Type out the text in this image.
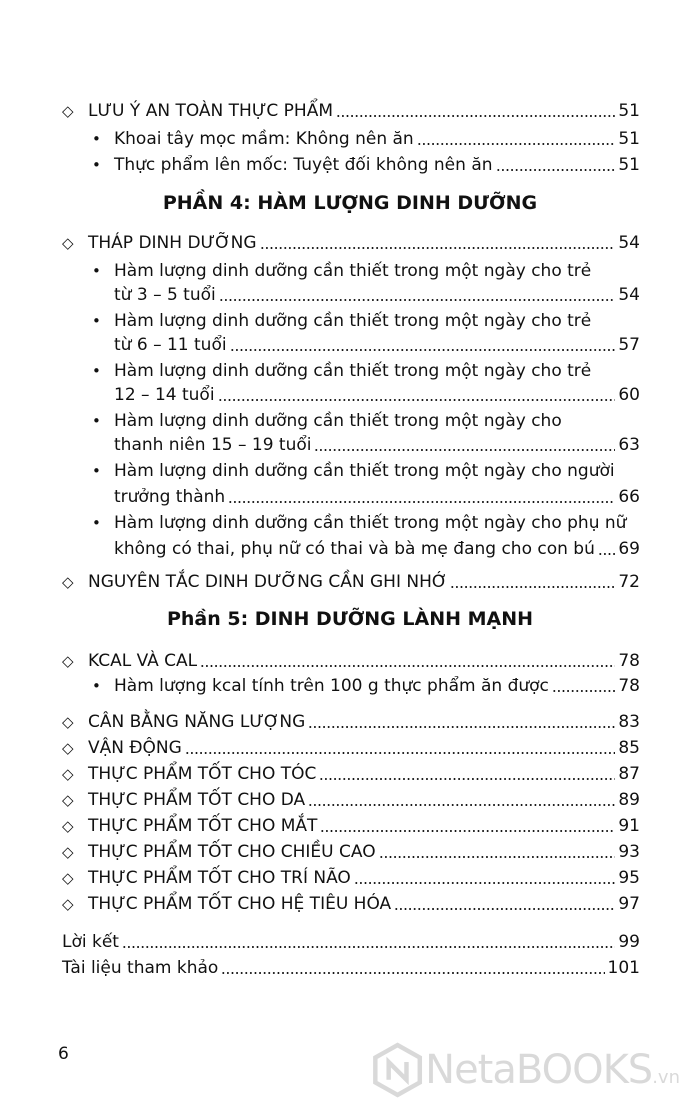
◇ LƯU Ý AN TOÀN THỰC PHẨM	51
• Khoai tây mọc mầm: Không nên ăn	51
• Thực phẩm lên mốc: Tuyệt đối không nên ăn	51
PHẦN 4: HÀM LƯỢNG DINH DƯỠNG
◇ THÁP DINH DƯỠNG	54
• Hàm lượng dinh dưỡng cần thiết trong một ngày cho trẻ
từ 3 – 5 tuổi	54
• Hàm lượng dinh dưỡng cần thiết trong một ngày cho trẻ
từ 6 – 11 tuổi	57
• Hàm lượng dinh dưỡng cần thiết trong một ngày cho trẻ
12 – 14 tuổi	60
• Hàm lượng dinh dưỡng cần thiết trong một ngày cho
thanh niên 15 – 19 tuổi	63
• Hàm lượng dinh dưỡng cần thiết trong một ngày cho người
trưởng thành	66
• Hàm lượng dinh dưỡng cần thiết trong một ngày cho phụ nữ
không có thai, phụ nữ có thai và bà mẹ đang cho con bú 69
◇ NGUYÊN TẮC DINH DƯỠNG CẦN GHI NHỚ	72
Phần 5: DINH DƯỠNG LÀNH MẠNH
◇ KCAL VÀ CAL	78
• Hàm lượng kcal tính trên 100 g thực phẩm ăn được	78
◇ CÂN BẰNG NĂNG LƯỢNG	83
◇ VẬN ĐỘNG	85
◇ THỰC PHẨM TỐT CHO TÓC	87
◇ THỰC PHẨM TỐT CHO DA	89
◇ THỰC PHẨM TỐT CHO MẮT	91
◇ THỰC PHẨM TỐT CHO CHIỀU CAO	93
◇ THỰC PHẨM TỐT CHO TRÍ NÃO	95
◇ THỰC PHẨM TỐT CHO HỆ TIÊU HÓA	97
Lời kết	99
Tài liệu tham khảo	101
6	NetaBOOKS .vn
